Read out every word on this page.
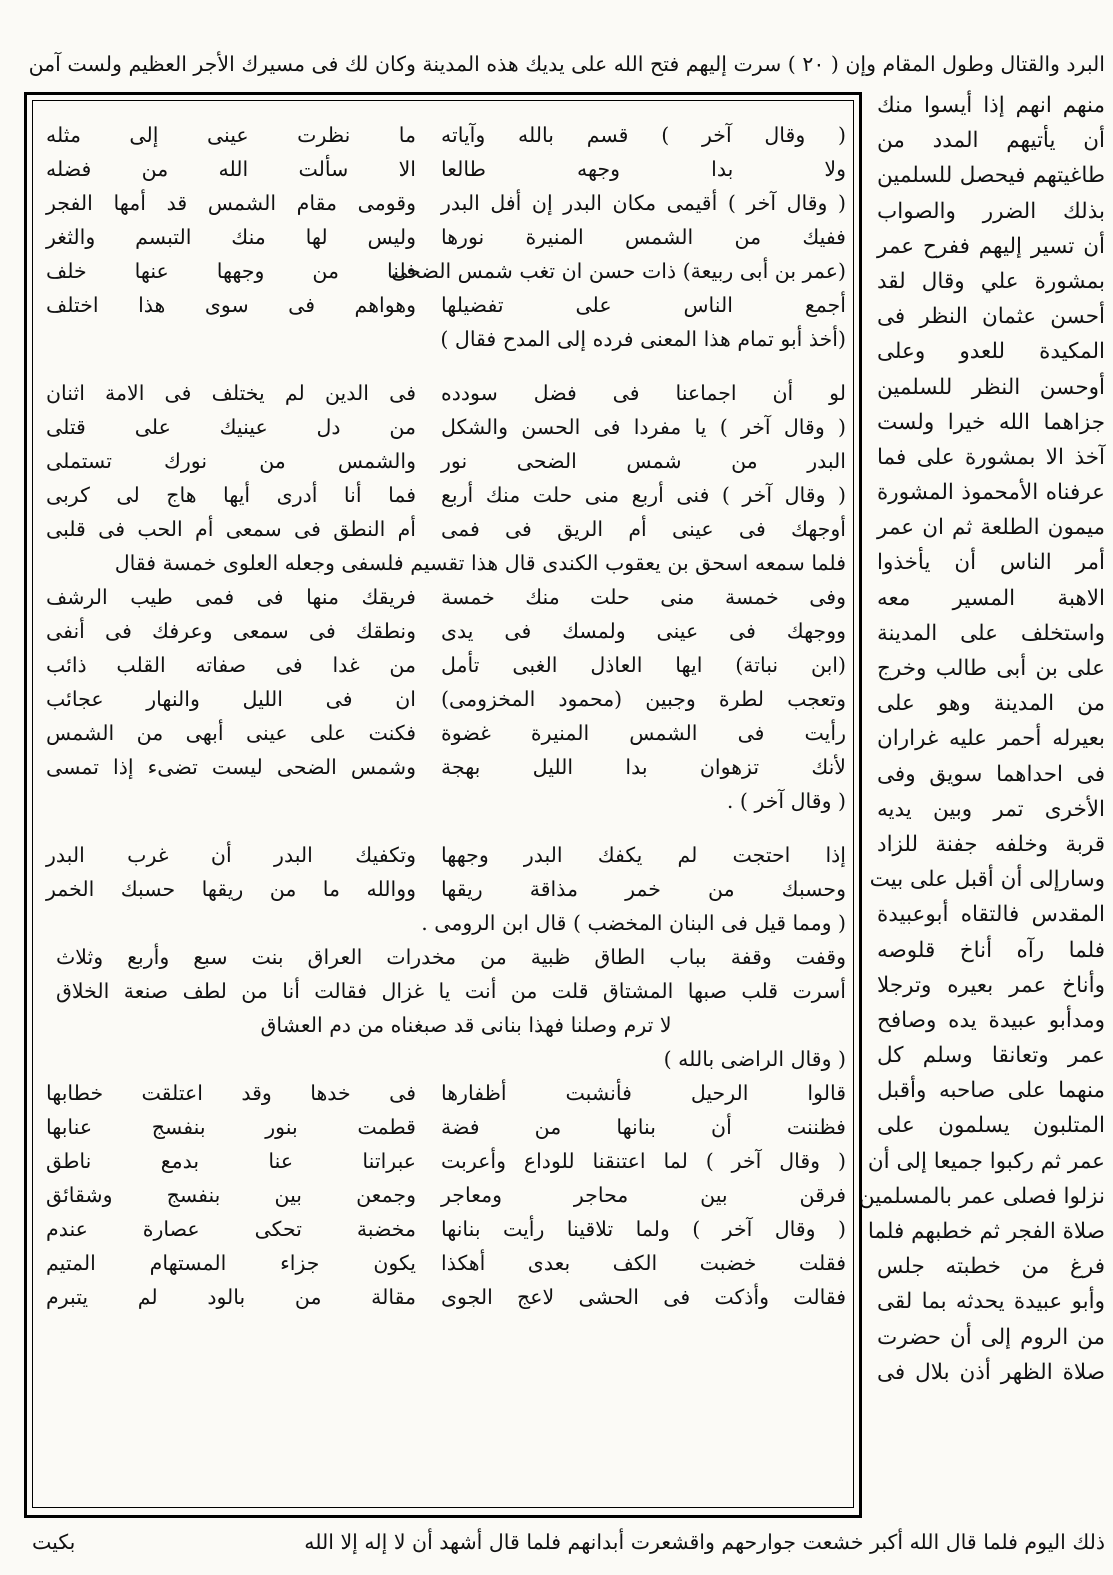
البرد والقتال وطول المقام وإن ( ٢٠ ) سرت إليهم فتح الله على يديك هذه المدينة وكان لك فى مسيرك الأجر العظيم ولست آمن
منهم انهم إذا أيسوا منك
أن يأتيهم المدد من
طاغيتهم فيحصل للسلمين
بذلك الضرر والصواب
أن تسير إليهم ففرح عمر
بمشورة علي وقال لقد
أحسن عثمان النظر فى
المكيدة للعدو وعلى
أوحسن النظر للسلمين
جزاهما الله خيرا ولست
آخذ الا بمشورة على فما
عرفناه الأمحموذ المشورة
ميمون الطلعة ثم ان عمر
أمر الناس أن يأخذوا
الاهبة المسير معه
واستخلف على المدينة
على بن أبى طالب وخرج
من المدينة وهو على
بعيرله أحمر عليه غراران
فى احداهما سويق وفى
الأخرى تمر وبين يديه
قربة وخلفه جفنة للزاد
وسارإلى أن أقبل على بيت
المقدس فالتقاه أبوعبيدة
فلما رآه أناخ قلوصه
وأناخ عمر بعيره وترجلا
ومدأبو عبيدة يده وصافح
عمر وتعانقا وسلم كل
منهما على صاحبه وأقبل
المتلبون يسلمون على
عمر ثم ركبوا جميعا إلى أن
نزلوا فصلى عمر بالمسلمين
صلاة الفجر ثم خطبهم فلما
فرغ من خطبته جلس
وأبو عبيدة يحدثه بما لقى
من الروم إلى أن حضرت
صلاة الظهر أذن بلال فى
( وقال آخر ) قسم بالله وآياته
ما نظرت عينى إلى مثله
ولا بدا وجهه طالعا
الا سألت الله من فضله
( وقال آخر ) أقيمى مكان البدر إن أفل البدر
وقومى مقام الشمس قد أمها الفجر
ففيك من الشمس المنيرة نورها
وليس لها منك التبسم والثغر
(عمر بن أبى ربيعة) ذات حسن ان تغب شمس الضحى
فلنا من وجهها عنها خلف
أجمع الناس على تفضيلها
وهواهم فى سوى هذا اختلف
(أخذ أبو تمام هذا المعنى فرده إلى المدح فقال )
لو أن اجماعنا فى فضل سودده
فى الدين لم يختلف فى الامة اثنان
( وقال آخر ) يا مفردا فى الحسن والشكل
من دل عينيك على قتلى
البدر من شمس الضحى نور
والشمس من نورك تستملى
( وقال آخر ) فنى أربع منى حلت منك أربع
فما أنا أدرى أيها هاج لى كربى
أوجهك فى عينى أم الريق فى فمى
أم النطق فى سمعى أم الحب فى قلبى
فلما سمعه اسحق بن يعقوب الكندى قال هذا تقسيم فلسفى وجعله العلوى خمسة فقال
وفى خمسة منى حلت منك خمسة
فريقك منها فى فمى طيب الرشف
ووجهك فى عينى ولمسك فى يدى
ونطقك فى سمعى وعرفك فى أنفى
(ابن نباتة) ايها العاذل الغبى تأمل
من غدا فى صفاته القلب ذائب
وتعجب لطرة وجبين (محمود المخزومى)
ان فى الليل والنهار عجائب
رأيت فى الشمس المنيرة غضوة
فكنت على عينى أبهى من الشمس
لأنك تزهوان بدا الليل بهجة
وشمس الضحى ليست تضىء إذا تمسى
( وقال آخر ) .
إذا احتجت لم يكفك البدر وجهها
وتكفيك البدر أن غرب البدر
وحسبك من خمر مذاقة ريقها
ووالله ما من ريقها حسبك الخمر
( ومما قيل فى البنان المخضب ) قال ابن الرومى .
وقفت وقفة بباب الطاق ظبية من مخدرات العراق بنت سبع وأربع وثلاث
أسرت قلب صبها المشتاق قلت من أنت يا غزال فقالت أنا من لطف صنعة الخلاق
لا ترم وصلنا فهذا بنانى قد صبغناه من دم العشاق
( وقال الراضى بالله )
قالوا الرحيل فأنشبت أظفارها
فى خدها وقد اعتلقت خطابها
فظننت أن بنانها من فضة
قطمت بنور بنفسج عنابها
( وقال آخر ) لما اعتنقنا للوداع وأعربت
عبراتنا عنا بدمع ناطق
فرقن بين محاجر ومعاجر
وجمعن بين بنفسج وشقائق
( وقال آخر ) ولما تلاقينا رأيت بنانها
مخضبة تحكى عصارة عندم
فقلت خضبت الكف بعدى أهكذا
يكون جزاء المستهام المتيم
فقالت وأذكت فى الحشى لاعج الجوى
مقالة من بالود لم يتبرم
ذلك اليوم فلما قال الله أكبر خشعت جوارحهم واقشعرت أبدانهم فلما قال أشهد أن لا إله إلا الله
بكيت
